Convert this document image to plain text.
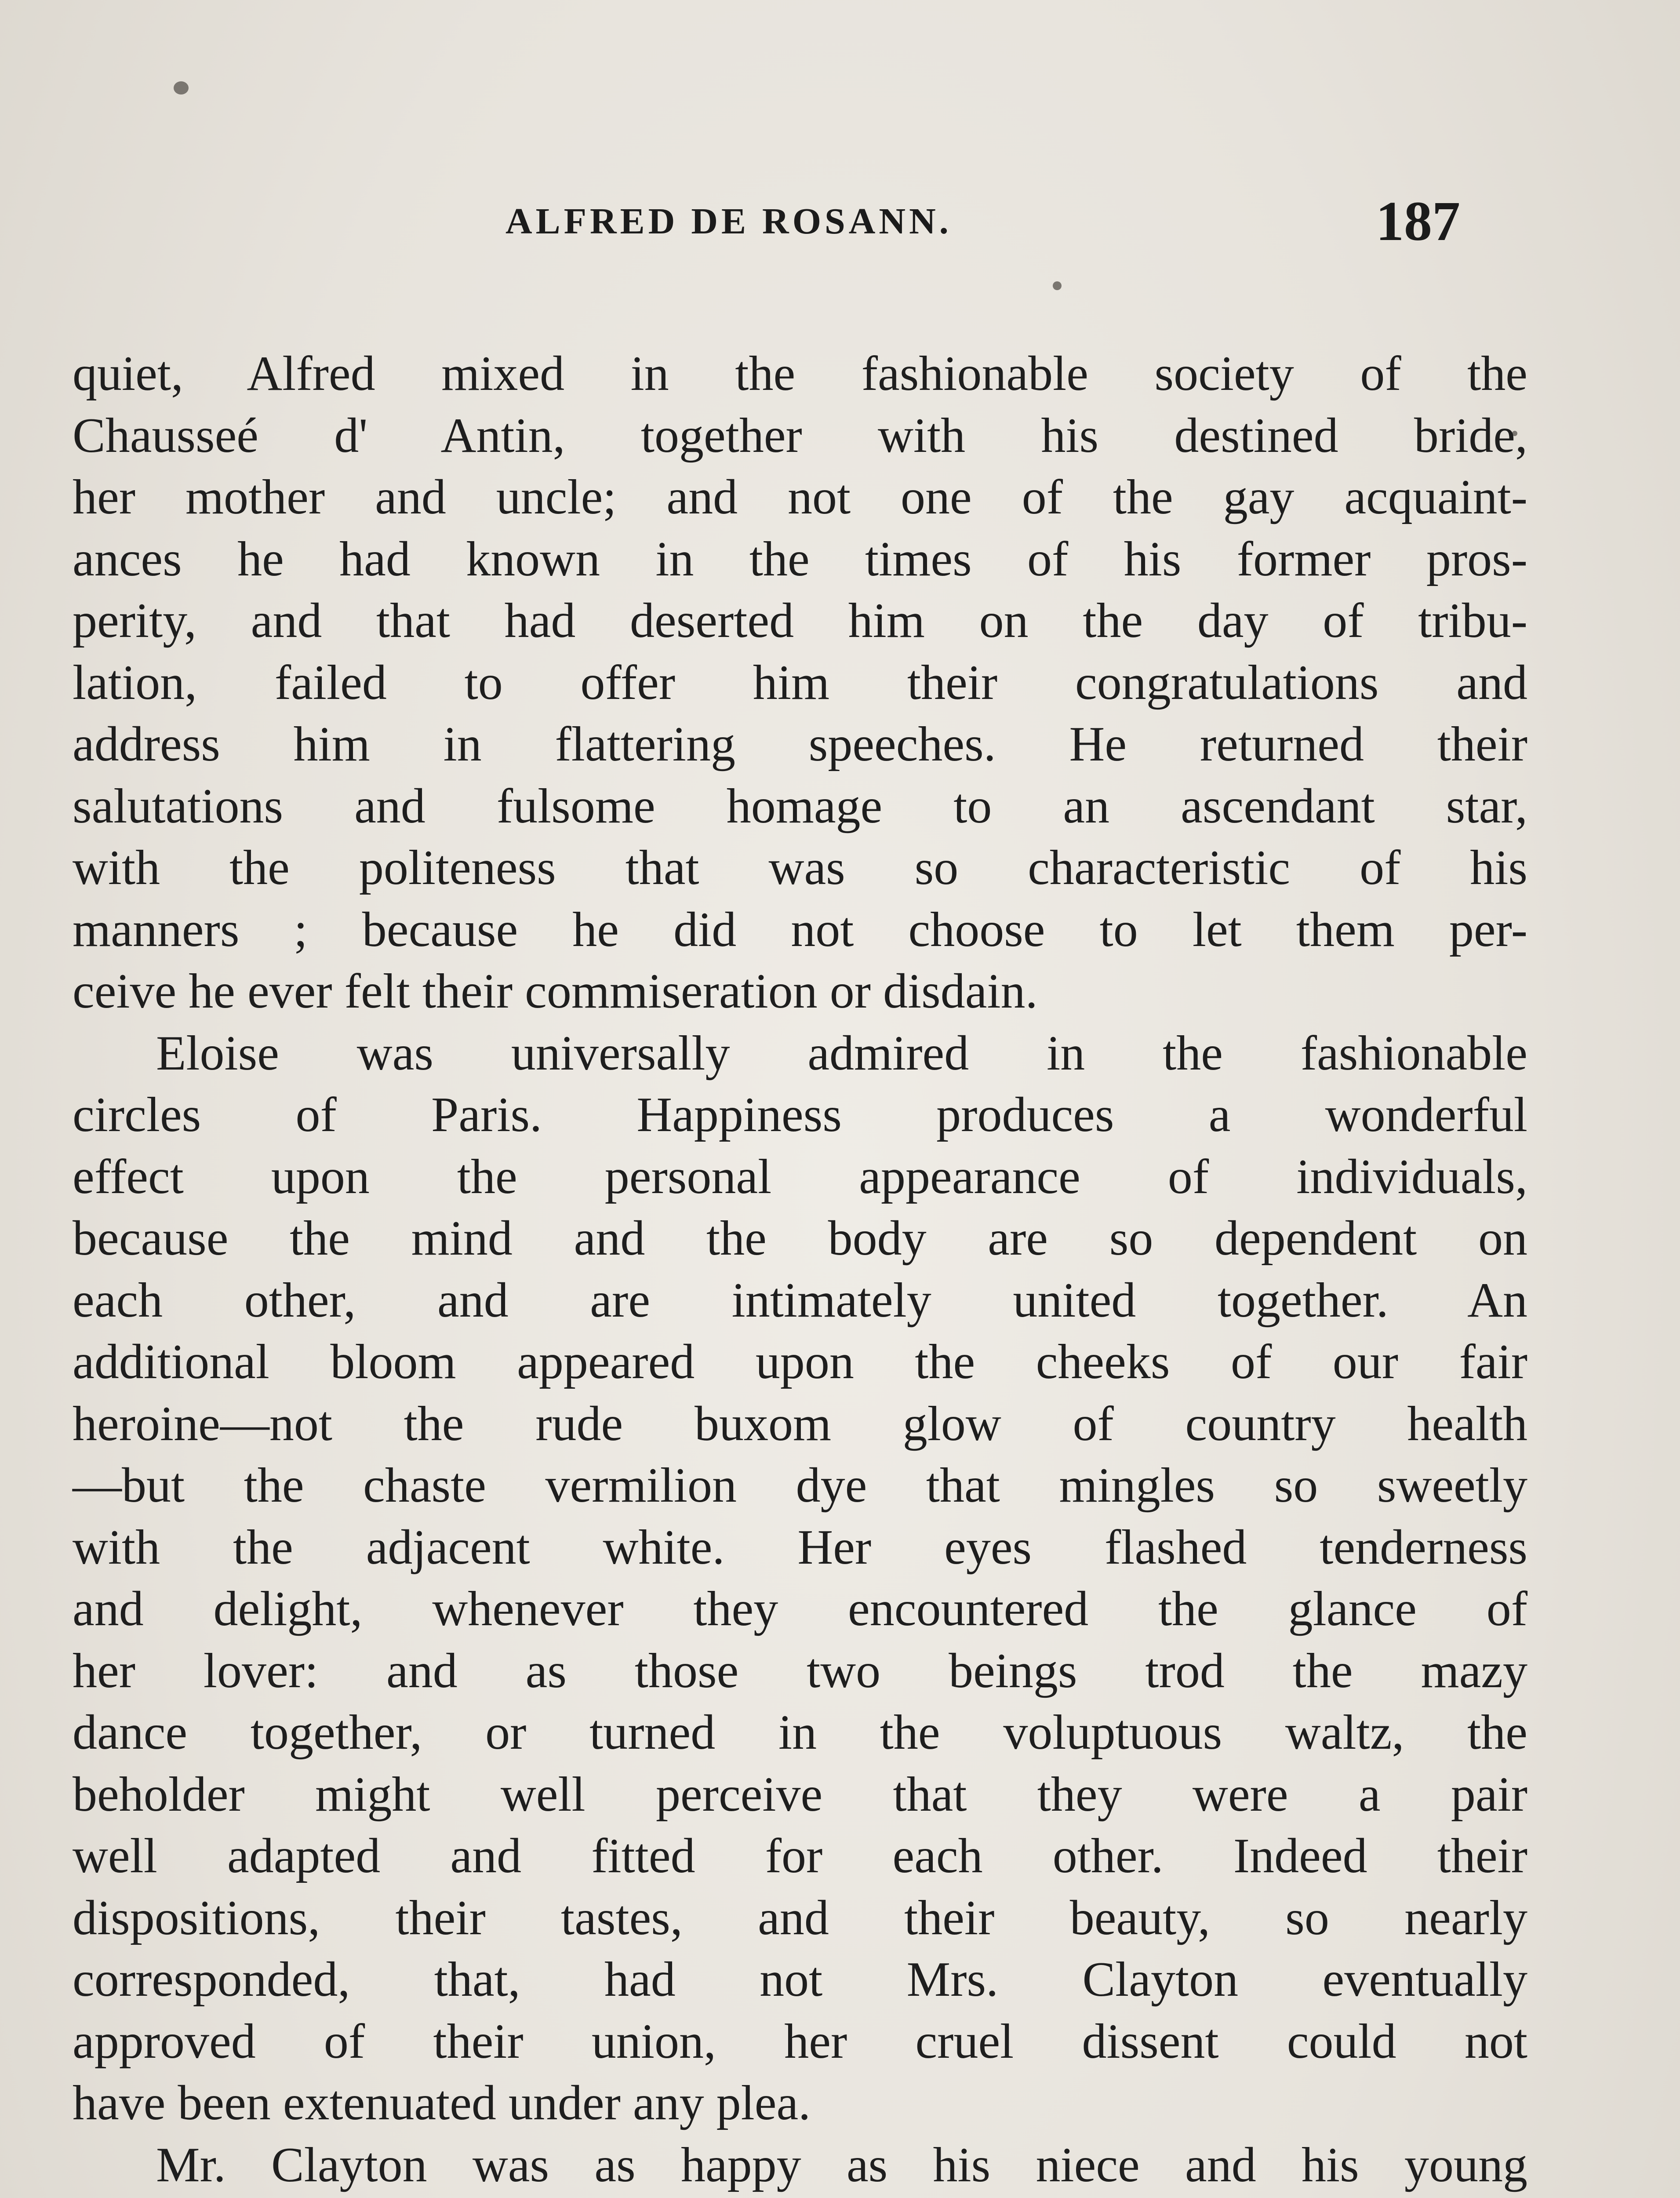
ALFRED DE ROSANN.	187
quiet, Alfred mixed in the fashionable society of the
Chausseé d' Antin, together with his destined bride,
her mother and uncle; and not one of the gay acquaint-
ances he had known in the times of his former pros-
perity, and that had deserted him on the day of tribu-
lation, failed to offer him their congratulations and
address him in flattering speeches. He returned their
salutations and fulsome homage to an ascendant star,
with the politeness that was so characteristic of his
manners ; because he did not choose to let them per-
ceive he ever felt their commiseration or disdain.
Eloise was universally admired in the fashionable
circles of Paris. Happiness produces a wonderful
effect upon the personal appearance of individuals,
because the mind and the body are so dependent on
each other, and are intimately united together. An
additional bloom appeared upon the cheeks of our fair
heroine—not the rude buxom glow of country health
—but the chaste vermilion dye that mingles so sweetly
with the adjacent white. Her eyes flashed tenderness
and delight, whenever they encountered the glance of
her lover: and as those two beings trod the mazy
dance together, or turned in the voluptuous waltz, the
beholder might well perceive that they were a pair
well adapted and fitted for each other. Indeed their
dispositions, their tastes, and their beauty, so nearly
corresponded, that, had not Mrs. Clayton eventually
approved of their union, her cruel dissent could not
have been extenuated under any plea.
Mr. Clayton was as happy as his niece and his young
